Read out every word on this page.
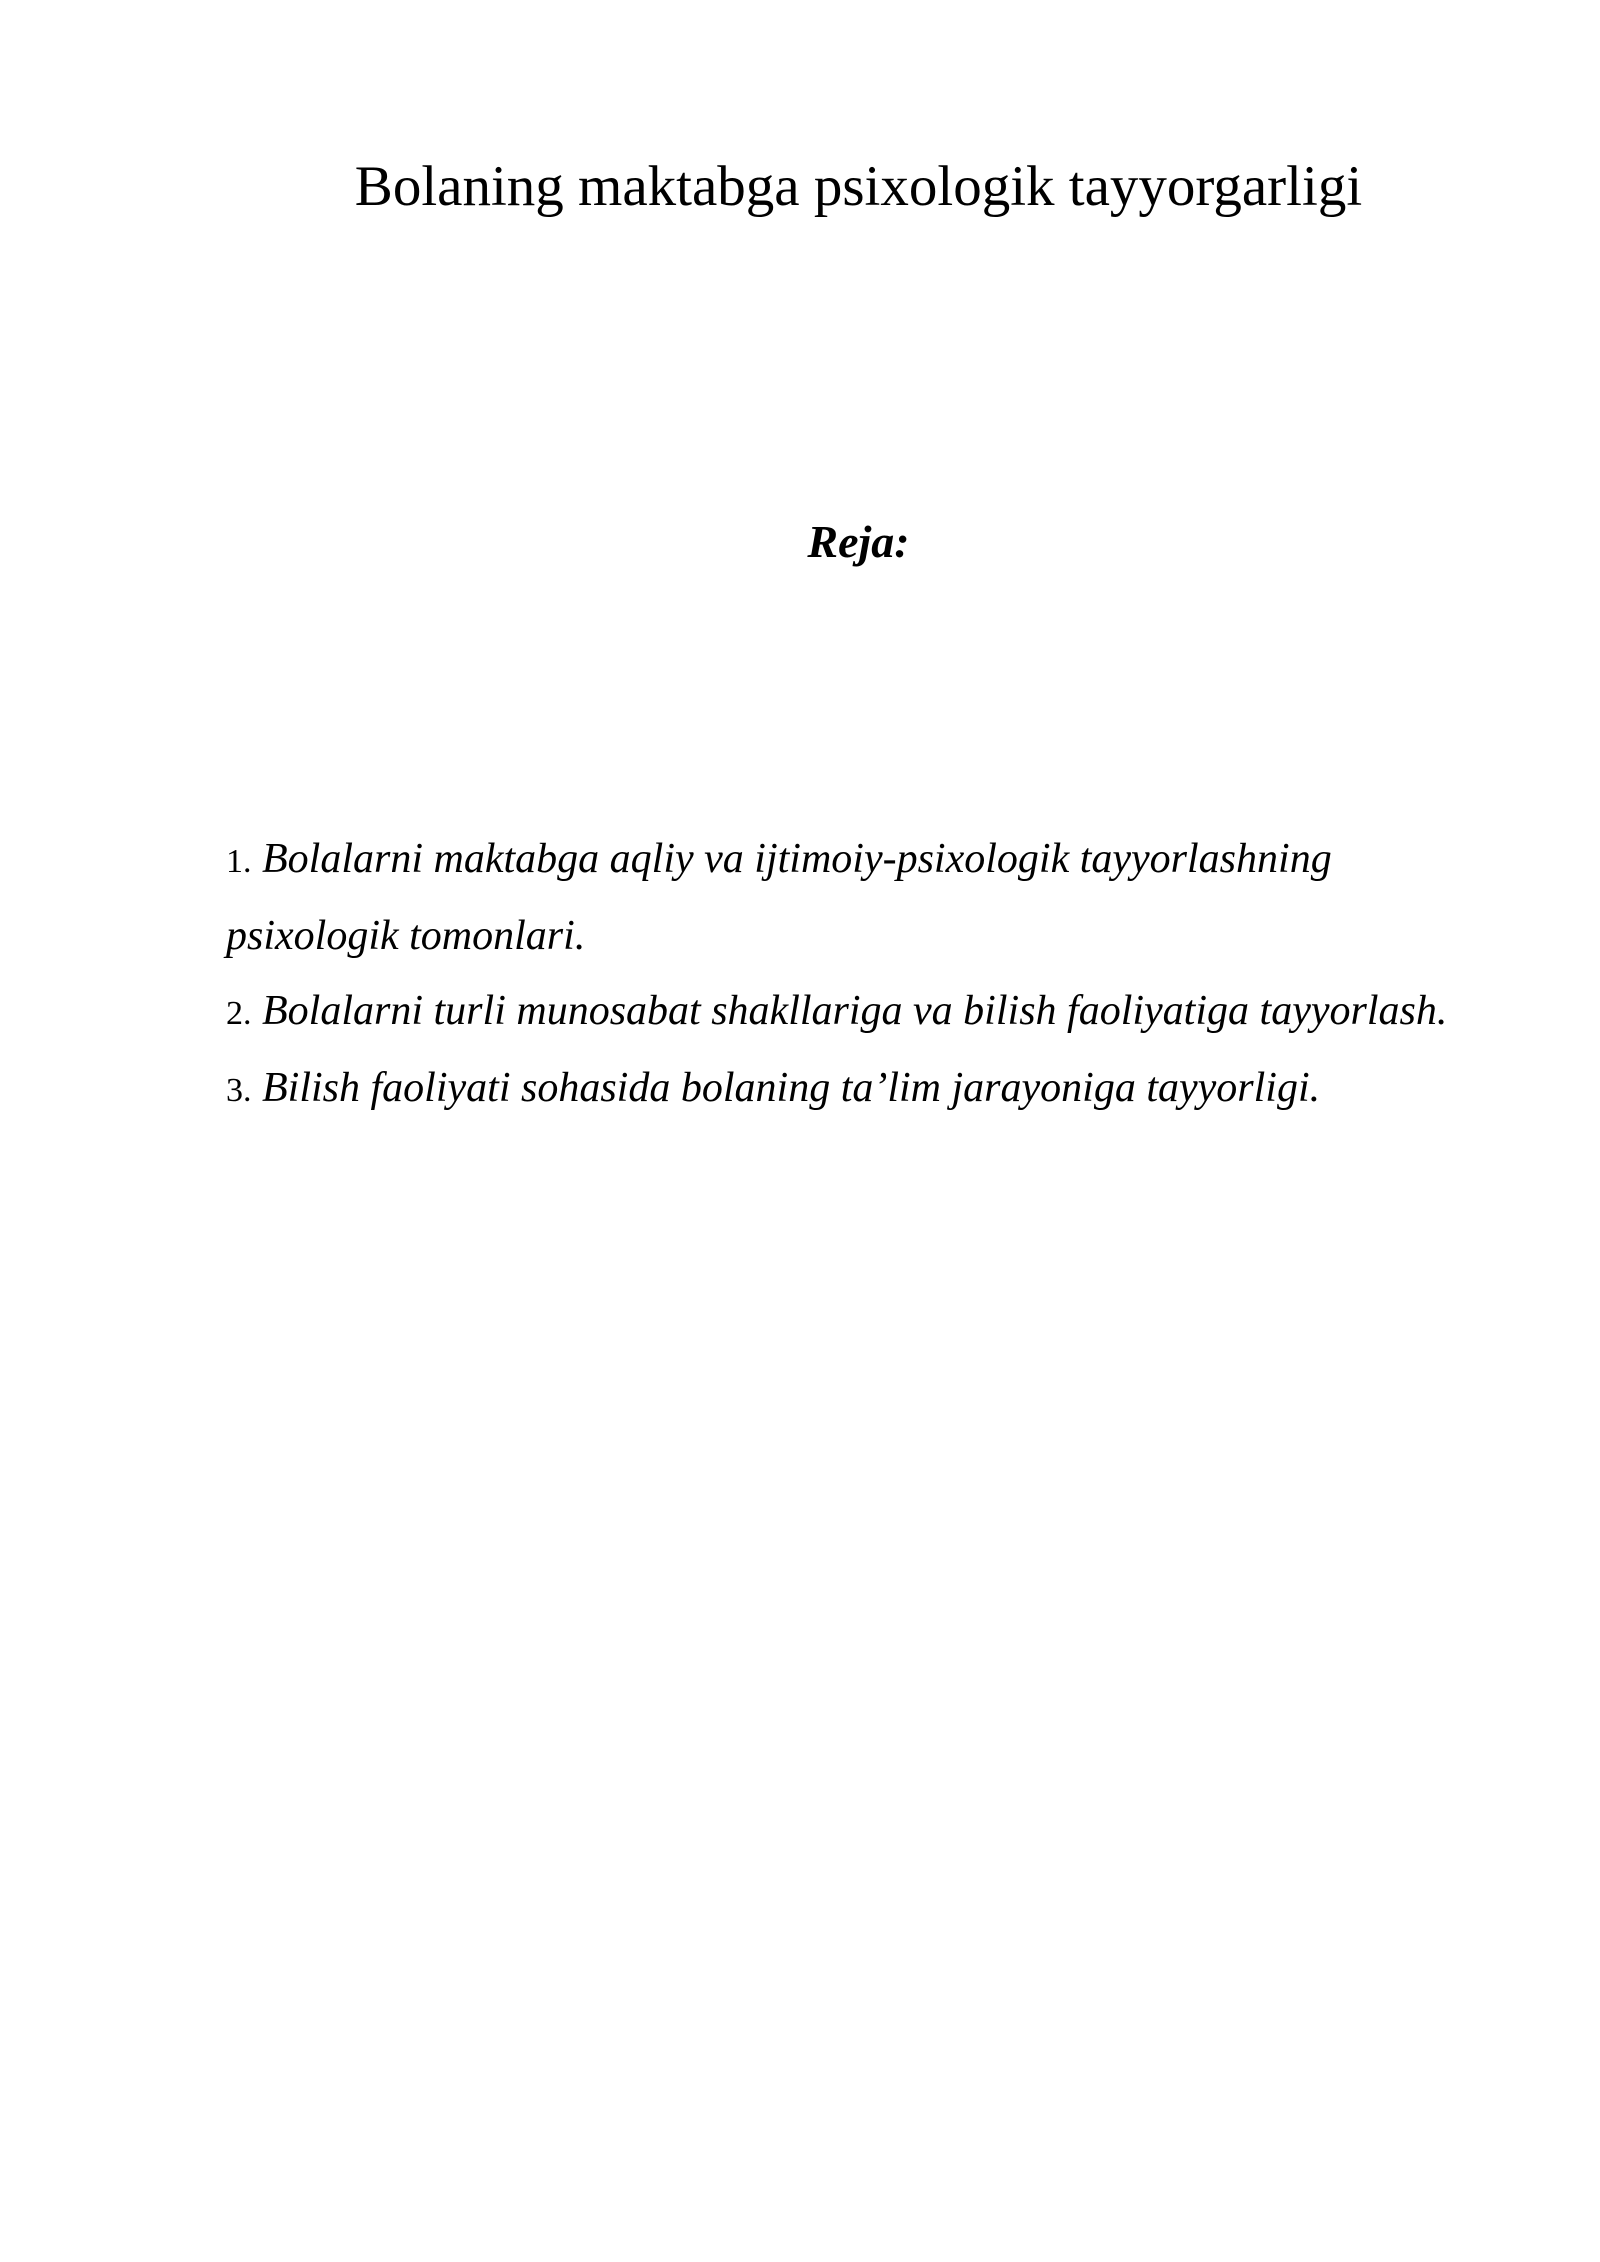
Bolaning maktabga psixologik tayyorgarligi
Reja:
1. Bolalarni maktabga aqliy va ijtimoiy-psixologik tayyorlashning
psixologik tomonlari.
2. Bolalarni turli munosabat shakllariga va bilish faoliyatiga tayyorlash.
3. Bilish faoliyati sohasida bolaning ta’lim jarayoniga tayyorligi.
